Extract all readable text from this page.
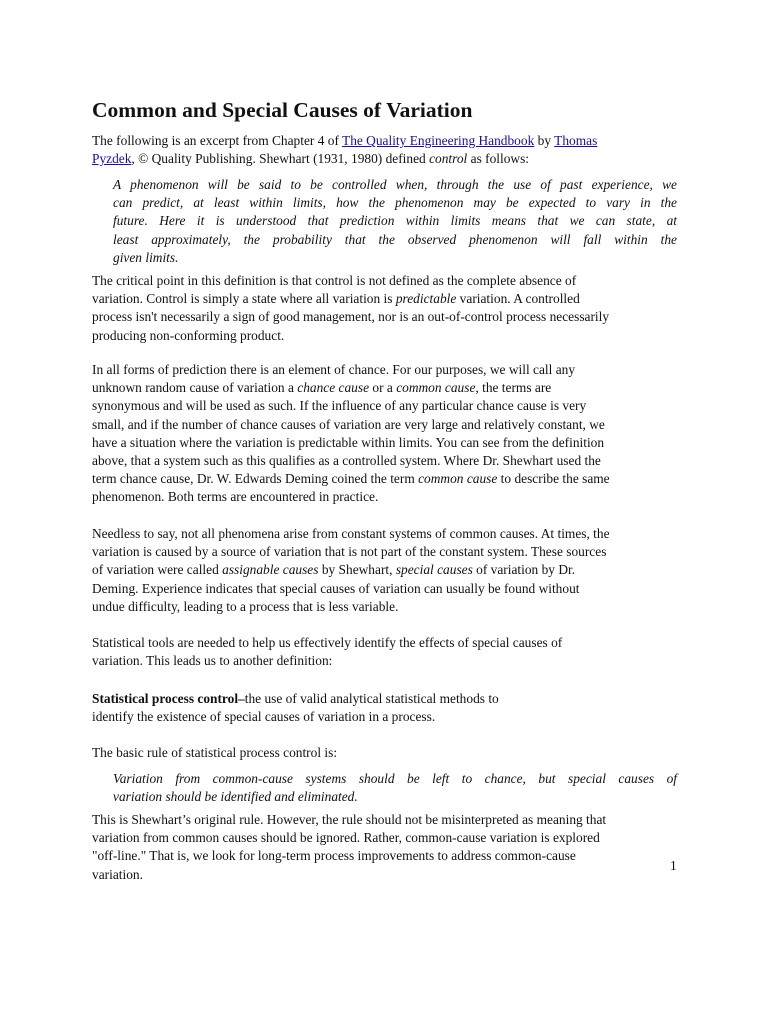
Common and Special Causes of Variation
The following is an excerpt from Chapter 4 of The Quality Engineering Handbook by Thomas
Pyzdek, © Quality Publishing. Shewhart (1931, 1980) defined control as follows:
A phenomenon will be said to be controlled when, through the use of past experience, we
can predict, at least within limits, how the phenomenon may be expected to vary in the
future. Here it is understood that prediction within limits means that we can state, at
least approximately, the probability that the observed phenomenon will fall within the
given limits.
The critical point in this definition is that control is not defined as the complete absence of
variation. Control is simply a state where all variation is predictable variation. A controlled
process isn't necessarily a sign of good management, nor is an out-of-control process necessarily
producing non-conforming product.
In all forms of prediction there is an element of chance. For our purposes, we will call any
unknown random cause of variation a chance cause or a common cause, the terms are
synonymous and will be used as such. If the influence of any particular chance cause is very
small, and if the number of chance causes of variation are very large and relatively constant, we
have a situation where the variation is predictable within limits. You can see from the definition
above, that a system such as this qualifies as a controlled system. Where Dr. Shewhart used the
term chance cause, Dr. W. Edwards Deming coined the term common cause to describe the same
phenomenon. Both terms are encountered in practice.
Needless to say, not all phenomena arise from constant systems of common causes. At times, the
variation is caused by a source of variation that is not part of the constant system. These sources
of variation were called assignable causes by Shewhart, special causes of variation by Dr.
Deming. Experience indicates that special causes of variation can usually be found without
undue difficulty, leading to a process that is less variable.
Statistical tools are needed to help us effectively identify the effects of special causes of
variation. This leads us to another definition:
Statistical process control–the use of valid analytical statistical methods to
identify the existence of special causes of variation in a process.
The basic rule of statistical process control is:
Variation from common-cause systems should be left to chance, but special causes of
variation should be identified and eliminated.
This is Shewhart’s original rule. However, the rule should not be misinterpreted as meaning that
variation from common causes should be ignored. Rather, common-cause variation is explored
"off-line." That is, we look for long-term process improvements to address common-cause
variation.
1
